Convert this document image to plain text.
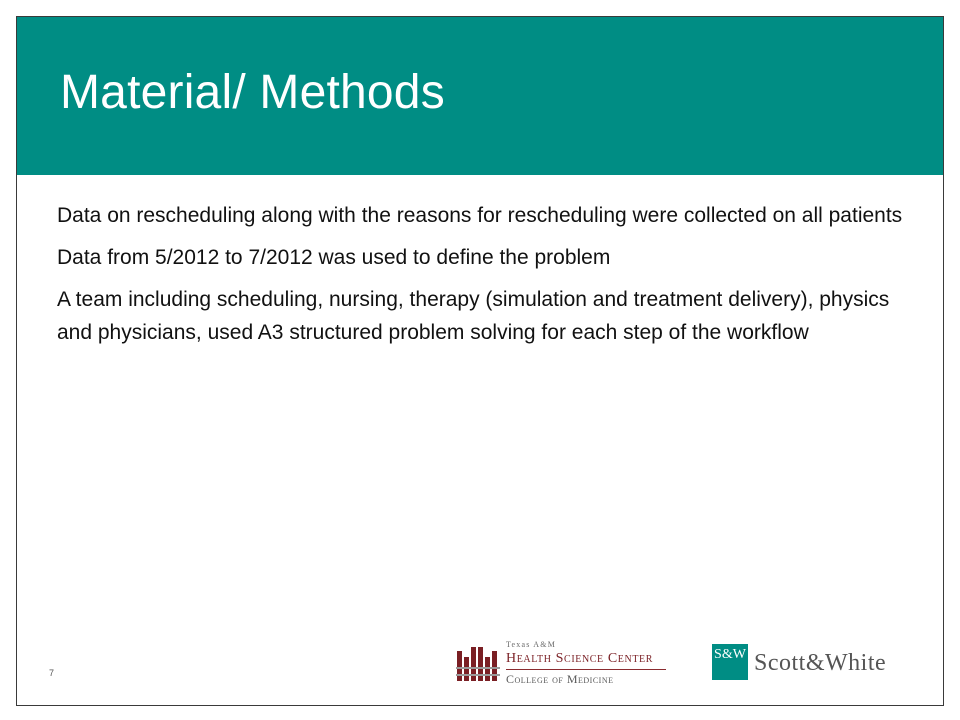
Material/ Methods

Data on rescheduling along with the reasons for rescheduling were collected on all patients

Data from 5/2012 to 7/2012 was used to define the problem

A team including scheduling, nursing, therapy (simulation and treatment delivery), physics and physicians, used A3 structured problem solving for each step of the workflow

7
Texas A&M
Health Science Center
College of Medicine
S&W Scott&White
